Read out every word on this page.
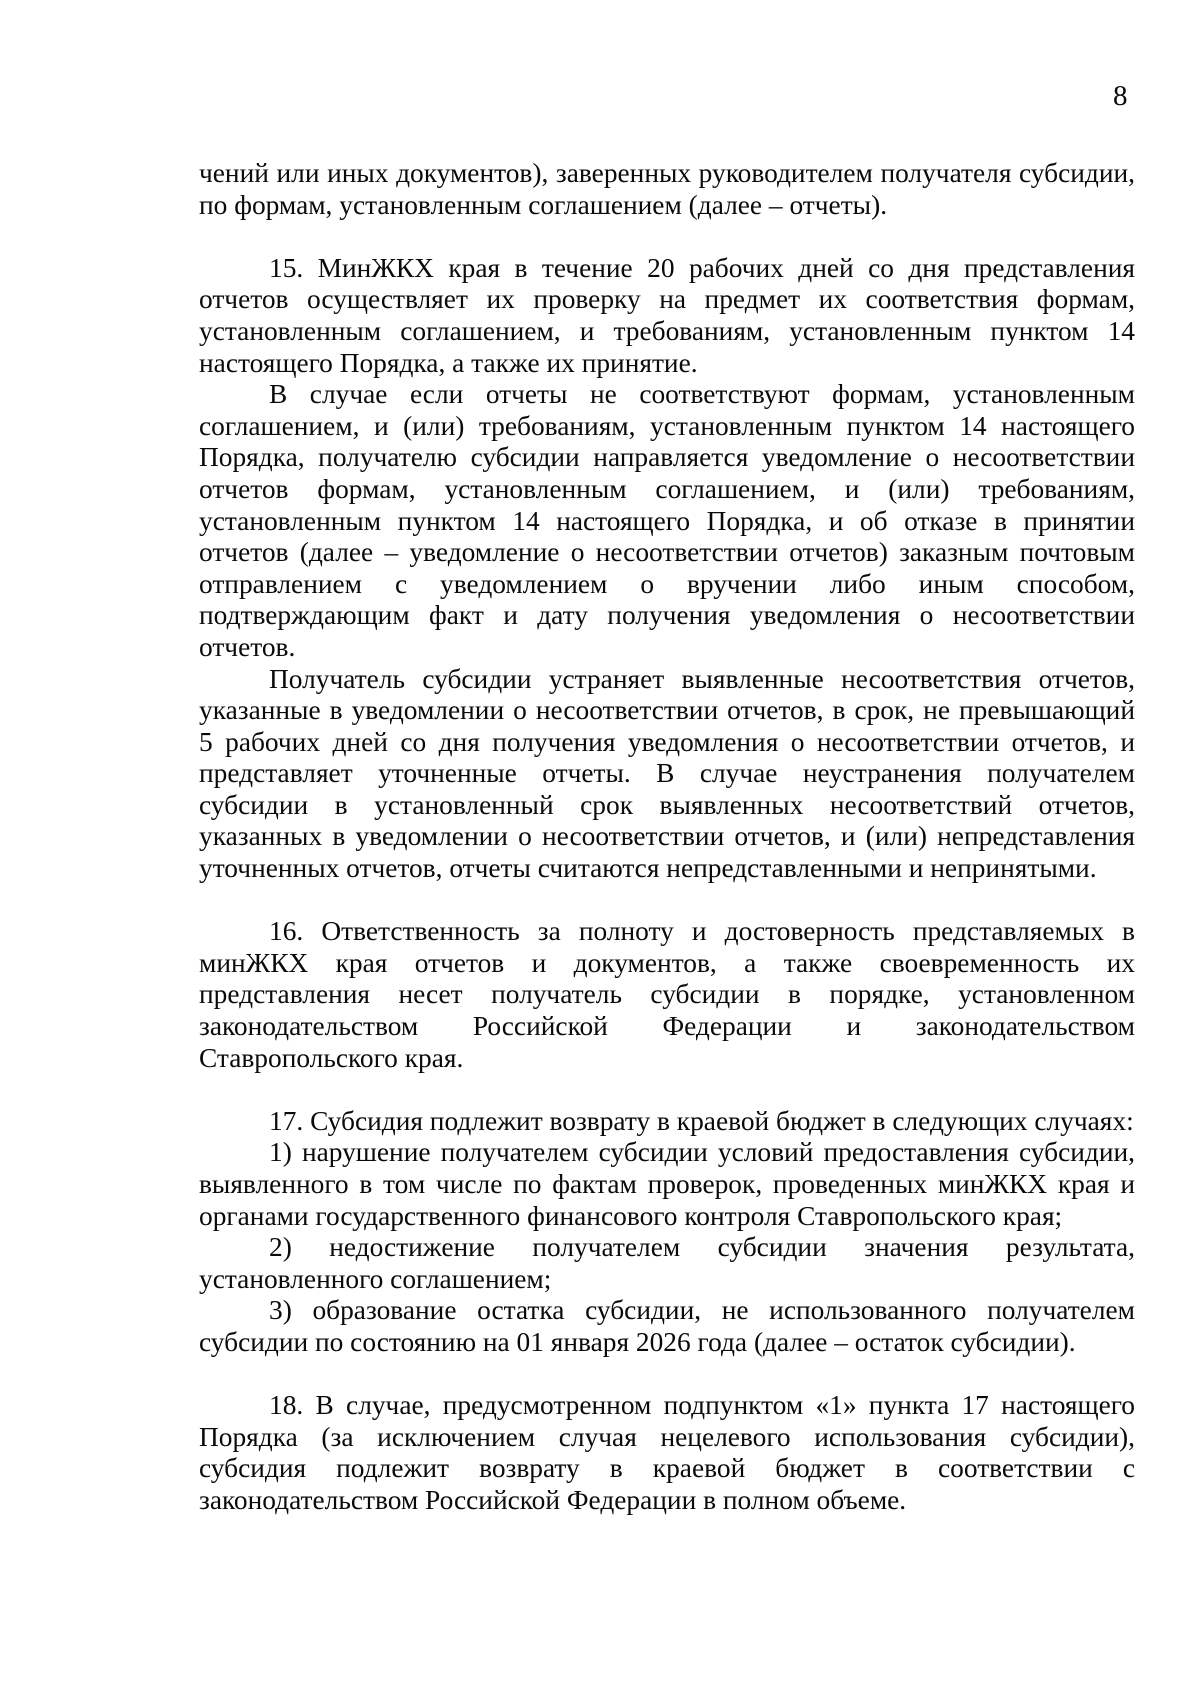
8

чений или иных документов), заверенных руководителем получателя субсидии, по формам, установленным соглашением (далее – отчеты).

15. МинЖКХ края в течение 20 рабочих дней со дня представления отчетов осуществляет их проверку на предмет их соответствия формам, установленным соглашением, и требованиям, установленным пунктом 14 настоящего Порядка, а также их принятие.

В случае если отчеты не соответствуют формам, установленным соглашением, и (или) требованиям, установленным пунктом 14 настоящего Порядка, получателю субсидии направляется уведомление о несоответствии отчетов формам, установленным соглашением, и (или) требованиям, установленным пунктом 14 настоящего Порядка, и об отказе в принятии отчетов (далее – уведомление о несоответствии отчетов) заказным почтовым отправлением с уведомлением о вручении либо иным способом, подтверждающим факт и дату получения уведомления о несоответствии отчетов.

Получатель субсидии устраняет выявленные несоответствия отчетов, указанные в уведомлении о несоответствии отчетов, в срок, не превышающий 5 рабочих дней со дня получения уведомления о несоответствии отчетов, и представляет уточненные отчеты. В случае неустранения получателем субсидии в установленный срок выявленных несоответствий отчетов, указанных в уведомлении о несоответствии отчетов, и (или) непредставления уточненных отчетов, отчеты считаются непредставленными и непринятыми.

16. Ответственность за полноту и достоверность представляемых в минЖКХ края отчетов и документов, а также своевременность их представления несет получатель субсидии в порядке, установленном законодательством Российской Федерации и законодательством Ставропольского края.

17. Субсидия подлежит возврату в краевой бюджет в следующих случаях:

1) нарушение получателем субсидии условий предоставления субсидии, выявленного в том числе по фактам проверок, проведенных минЖКХ края и органами государственного финансового контроля Ставропольского края;

2) недостижение получателем субсидии значения результата, установленного соглашением;

3) образование остатка субсидии, не использованного получателем субсидии по состоянию на 01 января 2026 года (далее – остаток субсидии).

18. В случае, предусмотренном подпунктом «1» пункта 17 настоящего Порядка (за исключением случая нецелевого использования субсидии), субсидия подлежит возврату в краевой бюджет в соответствии с законодательством Российской Федерации в полном объеме.
